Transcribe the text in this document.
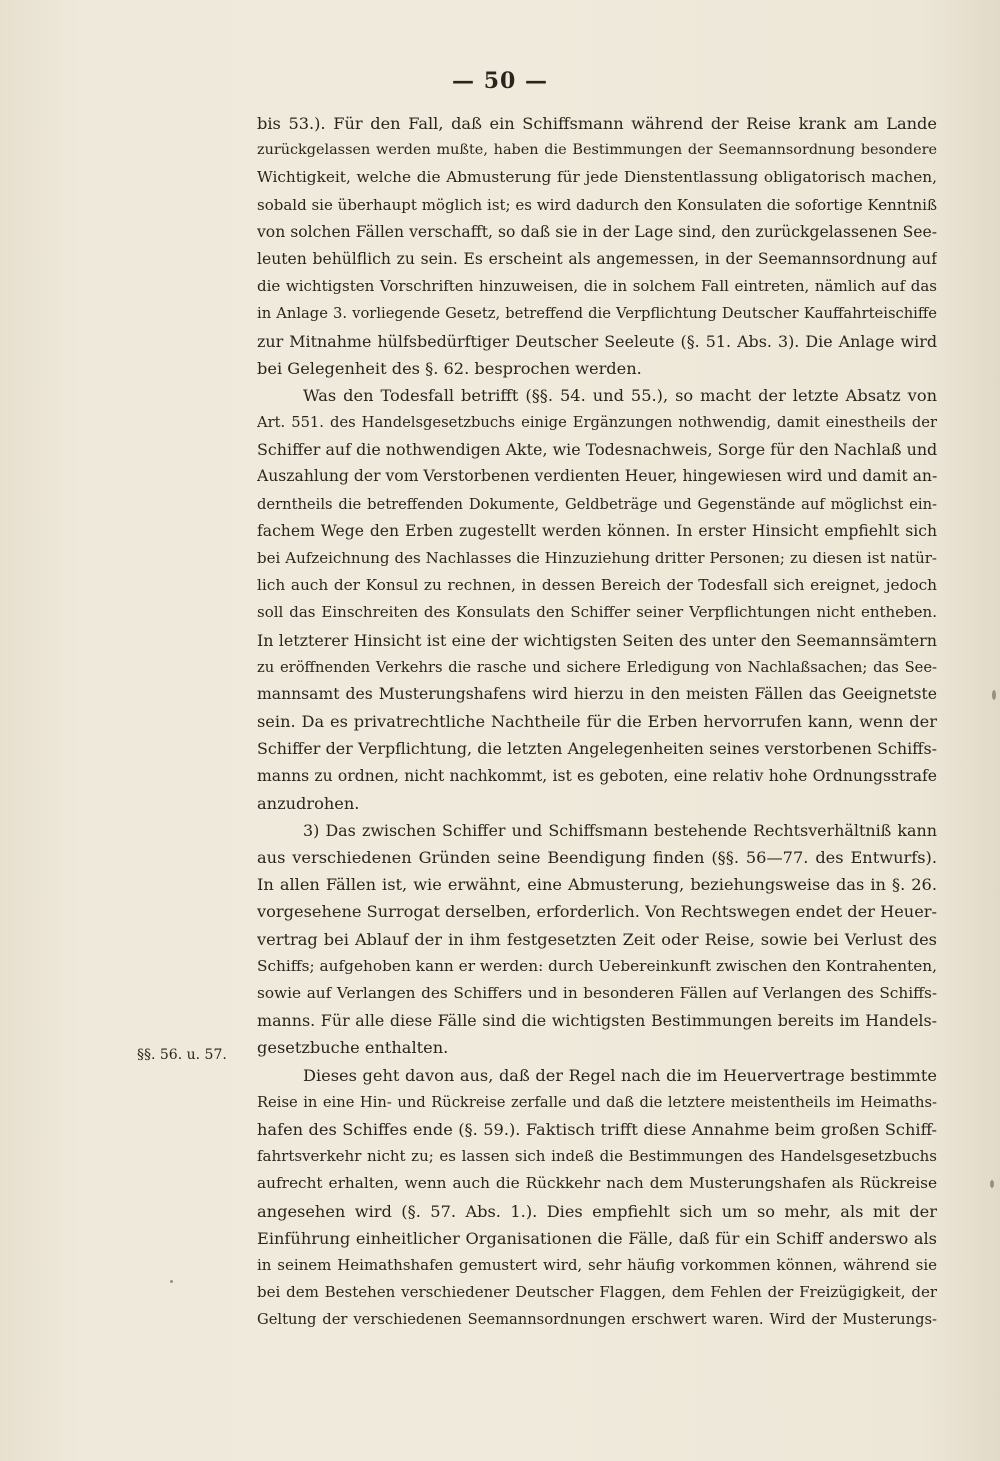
— 50 —
§§. 56. u. 57.
bis 53.). Für den Fall, daß ein Schiffsmann während der Reise krank am Lande
zurückgelassen werden mußte, haben die Bestimmungen der Seemannsordnung besondere
Wichtigkeit, welche die Abmusterung für jede Dienstentlassung obligatorisch machen,
sobald sie überhaupt möglich ist; es wird dadurch den Konsulaten die sofortige Kenntniß
von solchen Fällen verschafft, so daß sie in der Lage sind, den zurückgelassenen See-
leuten behülflich zu sein. Es erscheint als angemessen, in der Seemannsordnung auf
die wichtigsten Vorschriften hinzuweisen, die in solchem Fall eintreten, nämlich auf das
in Anlage 3. vorliegende Gesetz, betreffend die Verpflichtung Deutscher Kauffahrteischiffe
zur Mitnahme hülfsbedürftiger Deutscher Seeleute (§. 51. Abs. 3). Die Anlage wird
bei Gelegenheit des §. 62. besprochen werden.
Was den Todesfall betrifft (§§. 54. und 55.), so macht der letzte Absatz von
Art. 551. des Handelsgesetzbuchs einige Ergänzungen nothwendig, damit einestheils der
Schiffer auf die nothwendigen Akte, wie Todesnachweis, Sorge für den Nachlaß und
Auszahlung der vom Verstorbenen verdienten Heuer, hingewiesen wird und damit an-
derntheils die betreffenden Dokumente, Geldbeträge und Gegenstände auf möglichst ein-
fachem Wege den Erben zugestellt werden können. In erster Hinsicht empfiehlt sich
bei Aufzeichnung des Nachlasses die Hinzuziehung dritter Personen; zu diesen ist natür-
lich auch der Konsul zu rechnen, in dessen Bereich der Todesfall sich ereignet, jedoch
soll das Einschreiten des Konsulats den Schiffer seiner Verpflichtungen nicht entheben.
In letzterer Hinsicht ist eine der wichtigsten Seiten des unter den Seemannsämtern
zu eröffnenden Verkehrs die rasche und sichere Erledigung von Nachlaßsachen; das See-
mannsamt des Musterungshafens wird hierzu in den meisten Fällen das Geeignetste
sein. Da es privatrechtliche Nachtheile für die Erben hervorrufen kann, wenn der
Schiffer der Verpflichtung, die letzten Angelegenheiten seines verstorbenen Schiffs-
manns zu ordnen, nicht nachkommt, ist es geboten, eine relativ hohe Ordnungsstrafe
anzudrohen.
3) Das zwischen Schiffer und Schiffsmann bestehende Rechtsverhältniß kann
aus verschiedenen Gründen seine Beendigung finden (§§. 56—77. des Entwurfs).
In allen Fällen ist, wie erwähnt, eine Abmusterung, beziehungsweise das in §. 26.
vorgesehene Surrogat derselben, erforderlich. Von Rechtswegen endet der Heuer-
vertrag bei Ablauf der in ihm festgesetzten Zeit oder Reise, sowie bei Verlust des
Schiffs; aufgehoben kann er werden: durch Uebereinkunft zwischen den Kontrahenten,
sowie auf Verlangen des Schiffers und in besonderen Fällen auf Verlangen des Schiffs-
manns. Für alle diese Fälle sind die wichtigsten Bestimmungen bereits im Handels-
gesetzbuche enthalten.
Dieses geht davon aus, daß der Regel nach die im Heuervertrage bestimmte
Reise in eine Hin- und Rückreise zerfalle und daß die letztere meistentheils im Heimaths-
hafen des Schiffes ende (§. 59.). Faktisch trifft diese Annahme beim großen Schiff-
fahrtsverkehr nicht zu; es lassen sich indeß die Bestimmungen des Handelsgesetzbuchs
aufrecht erhalten, wenn auch die Rückkehr nach dem Musterungshafen als Rückreise
angesehen wird (§. 57. Abs. 1.). Dies empfiehlt sich um so mehr, als mit der
Einführung einheitlicher Organisationen die Fälle, daß für ein Schiff anderswo als
in seinem Heimathshafen gemustert wird, sehr häufig vorkommen können, während sie
bei dem Bestehen verschiedener Deutscher Flaggen, dem Fehlen der Freizügigkeit, der
Geltung der verschiedenen Seemannsordnungen erschwert waren. Wird der Musterungs-
